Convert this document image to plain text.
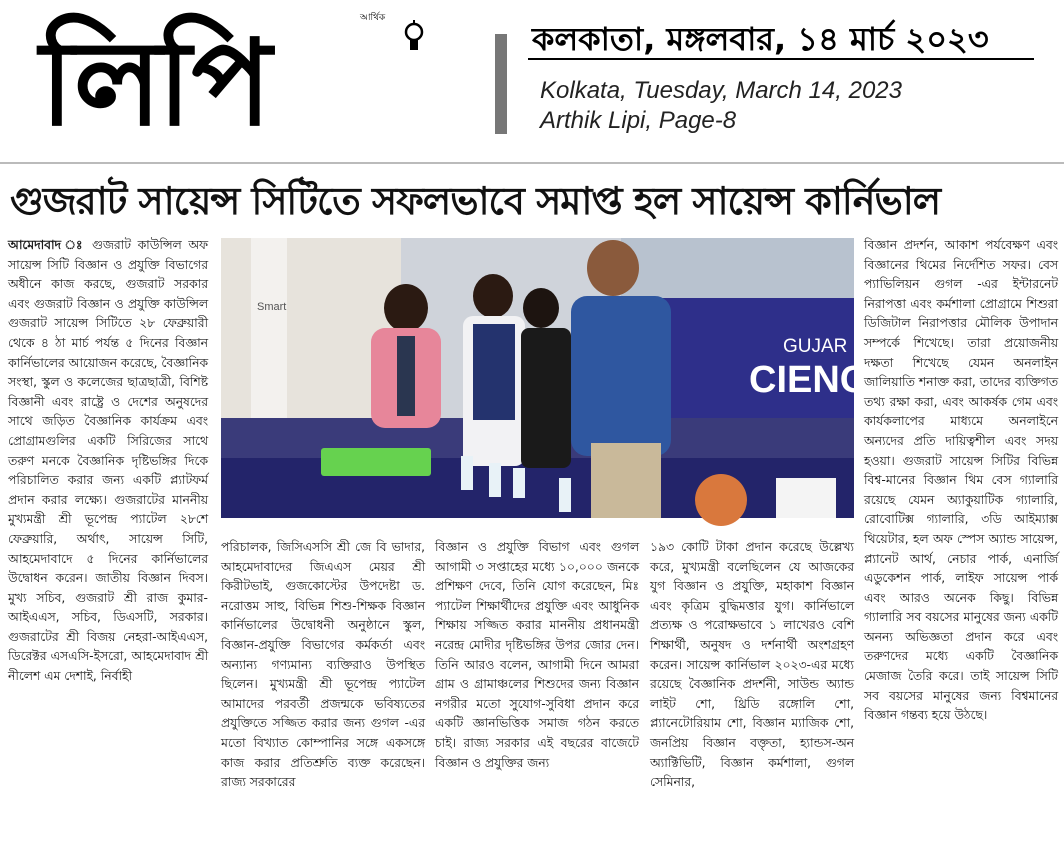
লিপি	আর্থিক
কলকাতা, মঙ্গলবার, ১৪ মার্চ ২০২৩
Kolkata, Tuesday, March 14, 2023
Arthik Lipi, Page-8
গুজরাট সায়েন্স সিটিতে সফলভাবে সমাপ্ত হল সায়েন্স কার্নিভাল
আমেদাবাদ ঃ গুজরাট কাউন্সিল অফ সায়েন্স সিটি বিজ্ঞান ও প্রযুক্তি বিভাগের অধীনে কাজ করছে, গুজরাট সরকার এবং গুজরাট বিজ্ঞান ও প্রযুক্তি কাউন্সিল গুজরাট সায়েন্স সিটিতে ২৮ ফেব্রুয়ারী থেকে ৪ ঠা মার্চ পর্যন্ত ৫ দিনের বিজ্ঞান কার্নিভালের আয়োজন করেছে, বৈজ্ঞানিক সংস্থা, স্কুল ও কলেজের ছাত্রছাত্রী, বিশিষ্ট বিজ্ঞানী এবং রাষ্ট্রে ও দেশের অনুষদের সাথে জড়িত বৈজ্ঞানিক কার্যক্রম এবং প্রোগ্রামগুলির একটি সিরিজের সাথে তরুণ মনকে বৈজ্ঞানিক দৃষ্টিভঙ্গির দিকে পরিচালিত করার জন্য একটি প্ল্যাটফর্ম প্রদান করার লক্ষ্যে। গুজরাটের মাননীয় মুখ্যমন্ত্রী শ্রী ভূপেন্দ্র প্যাটেল ২৮শে ফেব্রুয়ারি, অর্থাৎ, সায়েন্স সিটি, আহমেদাবাদে ৫ দিনের কার্নিভালের উদ্বোধন করেন। জাতীয় বিজ্ঞান দিবস। মুখ্য সচিব, গুজরাট শ্রী রাজ কুমার-আইএএস, সচিব, ডিএসটি, সরকার। গুজরাটের শ্রী বিজয় নেহরা-আইএএস, ডিরেক্টর এসএসি-ইসরো, আহমেদাবাদ শ্রী নীলেশ এম দেশাই, নির্বাহী
GUJAR
CIENC
Smart
পরিচালক, জিসিএসসি শ্রী জে বি ভাদার, আহমেদাবাদের জিএএস মেয়র শ্রী কিরীটভাই, গুজকোস্টের উপদেষ্টা ড. নরোত্তম সাহু, বিভিন্ন শিশু-শিক্ষক বিজ্ঞান কার্নিভালের উদ্বোধনী অনুষ্ঠানে স্কুল, বিজ্ঞান-প্রযুক্তি বিভাগের কর্মকর্তা এবং অন্যান্য গণ্যমান্য ব্যক্তিরাও উপস্থিত ছিলেন। মুখ্যমন্ত্রী শ্রী ভূপেন্দ্র প্যাটেল আমাদের পরবর্তী প্রজন্মকে ভবিষ্যতের প্রযুক্তিতে সজ্জিত করার জন্য গুগল -এর মতো বিখ্যাত কোম্পানির সঙ্গে একসঙ্গে কাজ করার প্রতিশ্রুতি ব্যক্ত করেছেন। রাজ্য সরকারের
বিজ্ঞান ও প্রযুক্তি বিভাগ এবং গুগল আগামী ৩ সপ্তাহের মধ্যে ১০,০০০ জনকে প্রশিক্ষণ দেবে, তিনি যোগ করেছেন, মিঃ প্যাটেল শিক্ষার্থীদের প্রযুক্তি এবং আধুনিক শিক্ষায় সজ্জিত করার মাননীয় প্রধানমন্ত্রী নরেন্দ্র মোদীর দৃষ্টিভঙ্গির উপর জোর দেন। তিনি আরও বলেন, আগামী দিনে আমরা গ্রাম ও গ্রামাঞ্চলের শিশুদের জন্য বিজ্ঞান নগরীর মতো সুযোগ-সুবিধা প্রদান করে একটি জ্ঞানভিত্তিক সমাজ গঠন করতে চাই। রাজ্য সরকার এই বছরের বাজেটে বিজ্ঞান ও প্রযুক্তির জন্য
১৯৩ কোটি টাকা প্রদান করেছে উল্লেখ্য করে, মুখ্যমন্ত্রী বলেছিলেন যে আজকের যুগ বিজ্ঞান ও প্রযুক্তি, মহাকাশ বিজ্ঞান এবং কৃত্রিম বুদ্ধিমত্তার যুগ। কার্নিভালে প্রত্যক্ষ ও পরোক্ষভাবে ১ লাখেরও বেশি শিক্ষার্থী, অনুষদ ও দর্শনার্থী অংশগ্রহণ করেন। সায়েন্স কার্নিভাল ২০২৩-এর মধ্যে রয়েছে বৈজ্ঞানিক প্রদর্শনী, সাউন্ড অ্যান্ড লাইট শো, থ্রিডি রঙ্গোলি শো, প্ল্যানেটোরিয়াম শো, বিজ্ঞান ম্যাজিক শো, জনপ্রিয় বিজ্ঞান বক্তৃতা, হ্যান্ডস-অন অ্যাক্টিভিটি, বিজ্ঞান কর্মশালা, গুগল সেমিনার,
বিজ্ঞান প্রদর্শন, আকাশ পর্যবেক্ষণ এবং বিজ্ঞানের থিমের নির্দেশিত সফর। বেস প্যাভিলিয়ন গুগল -এর ইন্টারনেট নিরাপত্তা এবং কর্মশালা প্রোগ্রামে শিশুরা ডিজিটাল নিরাপত্তার মৌলিক উপাদান সম্পর্কে শিখেছে। তারা প্রয়োজনীয় দক্ষতা শিখেছে যেমন অনলাইন জালিয়াতি শনাক্ত করা, তাদের ব্যক্তিগত তথ্য রক্ষা করা, এবং আকর্ষক গেম এবং কার্যকলাপের মাধ্যমে অনলাইনে অন্যদের প্রতি দায়িত্বশীল এবং সদয় হওয়া। গুজরাট সায়েন্স সিটির বিভিন্ন বিশ্ব-মানের বিজ্ঞান থিম বেস গ্যালারি রয়েছে যেমন অ্যাকুয়াটিক গ্যালারি, রোবোটিক্স গ্যালারি, ৩ডি আইম্যাক্স থিয়েটার, হল অফ স্পেস অ্যান্ড সায়েন্স, প্ল্যানেট আর্থ, নেচার পার্ক, এনার্জি এডুকেশন পার্ক, লাইফ সায়েন্স পার্ক এবং আরও অনেক কিছু। বিভিন্ন গ্যালারি সব বয়সের মানুষের জন্য একটি অনন্য অভিজ্ঞতা প্রদান করে এবং তরুণদের মধ্যে একটি বৈজ্ঞানিক মেজাজ তৈরি করে। তাই সায়েন্স সিটি সব বয়সের মানুষের জন্য বিশ্বমানের বিজ্ঞান গন্তব্য হয়ে উঠছে।
